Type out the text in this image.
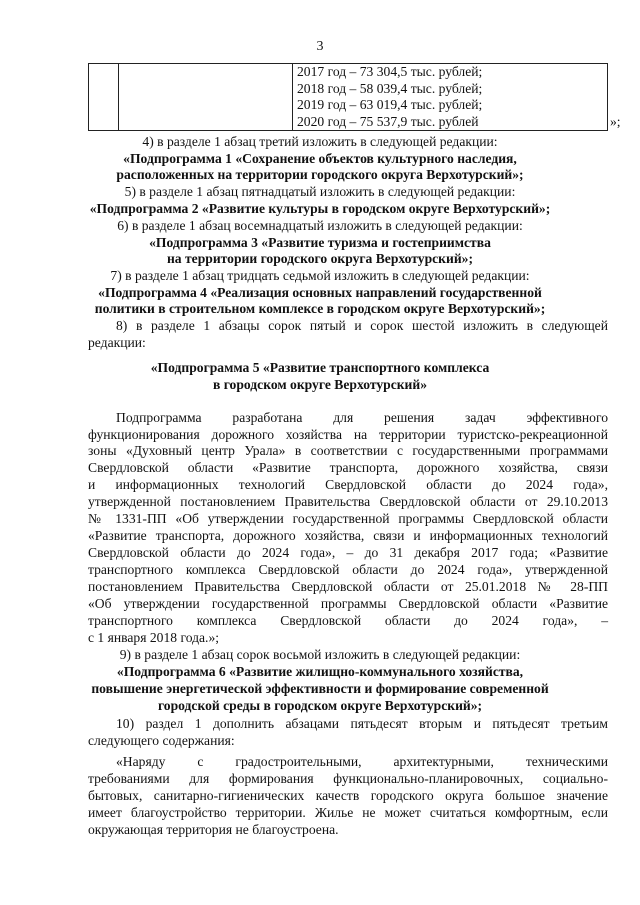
3
2017 год – 73 304,5 тыс. рублей;
2018 год – 58 039,4 тыс. рублей;
2019 год – 63 019,4 тыс. рублей;
2020 год – 75 537,9 тыс. рублей	»;
4) в разделе 1 абзац третий изложить в следующей редакции:
«Подпрограмма 1 «Сохранение объектов культурного наследия,
расположенных на территории городского округа Верхотурский»;
5) в разделе 1 абзац пятнадцатый изложить в следующей редакции:
«Подпрограмма 2 «Развитие культуры в городском округе Верхотурский»;
6) в разделе 1 абзац восемнадцатый изложить в следующей редакции:
«Подпрограмма 3 «Развитие туризма и гостеприимства
на территории городского округа Верхотурский»;
7) в разделе 1 абзац тридцать седьмой изложить в следующей редакции:
«Подпрограмма 4 «Реализация основных направлений государственной
политики в строительном комплексе в городском округе Верхотурский»;
8) в разделе 1 абзацы сорок пятый и сорок шестой изложить в следующей
редакции:
«Подпрограмма 5 «Развитие транспортного комплекса
в городском округе Верхотурский»
Подпрограмма разработана для решения задач эффективного
функционирования дорожного хозяйства на территории туристско-рекреационной
зоны «Духовный центр Урала» в соответствии с государственными программами
Свердловской области «Развитие транспорта, дорожного хозяйства, связи
и информационных технологий Свердловской области до 2024 года»,
утвержденной постановлением Правительства Свердловской области от 29.10.2013
№ 1331-ПП «Об утверждении государственной программы Свердловской области
«Развитие транспорта, дорожного хозяйства, связи и информационных технологий
Свердловской области до 2024 года», – до 31 декабря 2017 года; «Развитие
транспортного комплекса Свердловской области до 2024 года», утвержденной
постановлением Правительства Свердловской области от 25.01.2018 № 28-ПП
«Об утверждении государственной программы Свердловской области «Развитие
транспортного комплекса Свердловской области до 2024 года», –
с 1 января 2018 года.»;
9) в разделе 1 абзац сорок восьмой изложить в следующей редакции:
«Подпрограмма 6 «Развитие жилищно-коммунального хозяйства,
повышение энергетической эффективности и формирование современной
городской среды в городском округе Верхотурский»;
10) раздел 1 дополнить абзацами пятьдесят вторым и пятьдесят третьим
следующего содержания:
«Наряду с градостроительными, архитектурными, техническими
требованиями для формирования функционально-планировочных, социально-
бытовых, санитарно-гигиенических качеств городского округа большое значение
имеет благоустройство территории. Жилье не может считаться комфортным, если
окружающая территория не благоустроена.
